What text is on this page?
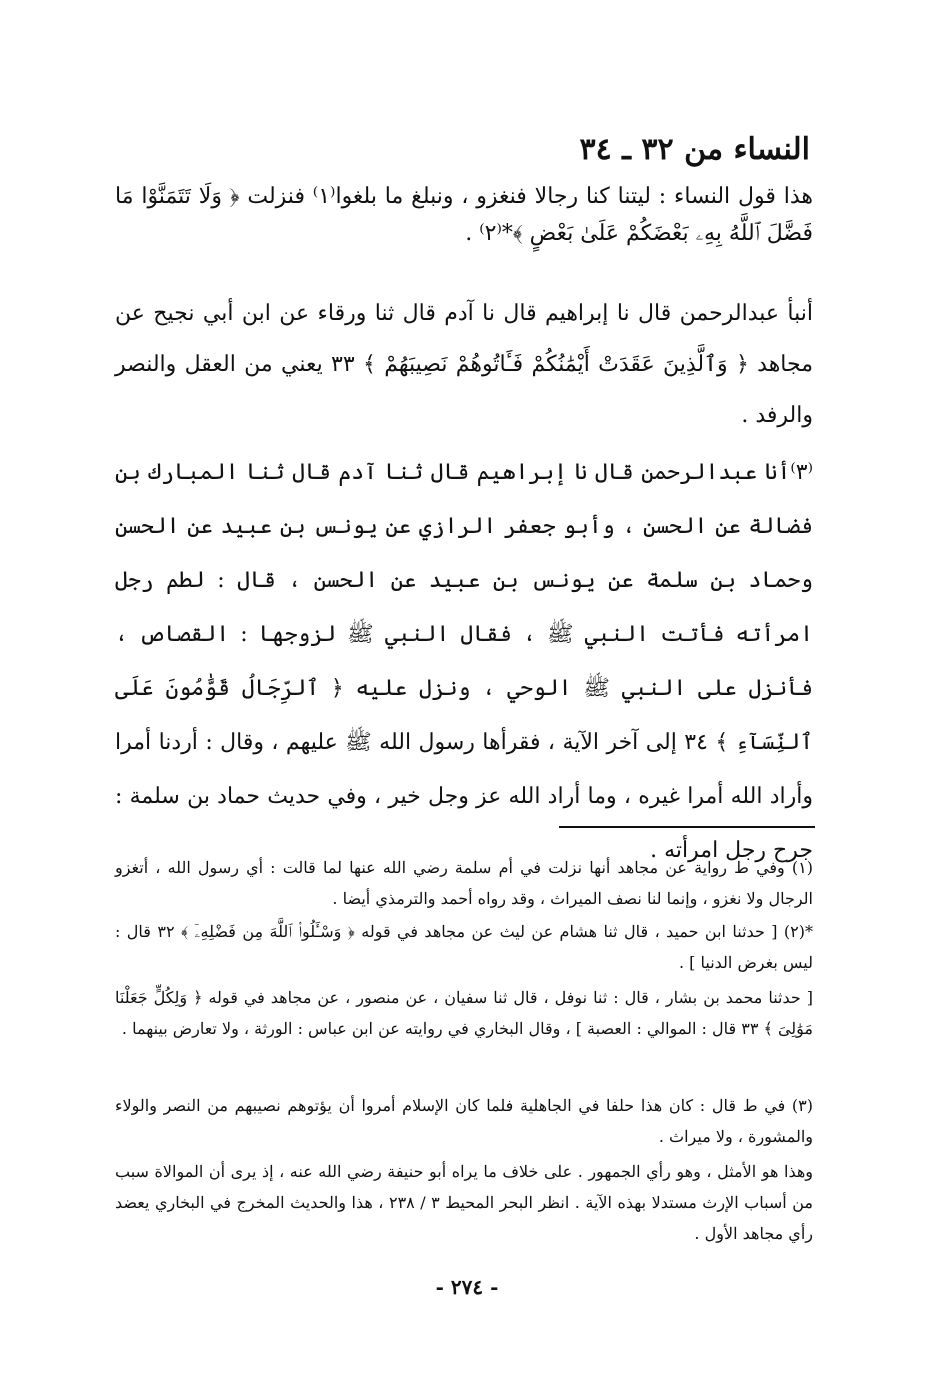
النساء من ٣٢ ـ ٣٤

هذا قول النساء : ليتنا كنا رجالا فنغزو ، ونبلغ ما بلغوا⁽١⁾ فنزلت ﴿ وَلَا تَتَمَنَّوْا مَا فَضَّلَ ٱللَّهُ بِهِۦ بَعْضَكُمْ عَلَىٰ بَعْضٍ ﴾*⁽٢⁾ .

أنبأ عبدالرحمن قال نا إبراهيم قال نا آدم قال ثنا ورقاء عن ابن أبي نجيح عن مجاهد ﴿ وَٱلَّذِينَ عَقَدَتْ أَيْمَٰنُكُمْ فَـَٔاتُوهُمْ نَصِيبَهُمْ ﴾ ٣٣ يعني من العقل والنصر والرفد .

⁽٣⁾أنا عبدالرحمن قال نا إبراهيم قال ثنا آدم قال ثنا المبارك بن فضالة عن الحسن ، وأبو جعفر الرازي عن يونس بن عبيد عن الحسن وحماد بن سلمة عن يونس بن عبيد عن الحسن ، قال : لطم رجل امرأته فأتت النبي ﷺ ، فقال النبي ﷺ لزوجها : القصاص ، فأنزل على النبي ﷺ الوحي ، ونزل عليه ﴿ ٱلرِّجَالُ قَوَّٰمُونَ عَلَى ٱلنِّسَآءِ ﴾ ٣٤ إلى آخر الآية ، فقرأها رسول الله ﷺ عليهم ، وقال : أردنا أمرا وأراد الله أمرا غيره ، وما أراد الله عز وجل خير ، وفي حديث حماد بن سلمة : جرح رجل امرأته .

(١) وفي ط رواية عن مجاهد أنها نزلت في أم سلمة رضي الله عنها لما قالت : أي رسول الله ، أتغزو الرجال ولا نغزو ، وإنما لنا نصف الميراث ، وقد رواه أحمد والترمذي أيضا .

*(٢) [ حدثنا ابن حميد ، قال ثنا هشام عن ليث عن مجاهد في قوله ﴿ وَسْـَٔلُوا۟ ٱللَّهَ مِن فَضْلِهِۦٓ ﴾ ٣٢ قال : ليس بغرض الدنيا ] .

[ حدثنا محمد بن بشار ، قال : ثنا نوفل ، قال ثنا سفيان ، عن منصور ، عن مجاهد في قوله ﴿ وَلِكُلٍّ جَعَلْنَا مَوَٰلِىَ ﴾ ٣٣ قال : الموالي : العصبة ] ، وقال البخاري في روايته عن ابن عباس : الورثة ، ولا تعارض بينهما .

(٣) في ط قال : كان هذا حلفا في الجاهلية فلما كان الإسلام أمروا أن يؤتوهم نصيبهم من النصر والولاء والمشورة ، ولا ميراث .

وهذا هو الأمثل ، وهو رأي الجمهور . على خلاف ما يراه أبو حنيفة رضي الله عنه ، إذ يرى أن الموالاة سبب من أسباب الإرث مستدلا بهذه الآية . انظر البحر المحيط ٣ / ٢٣٨ ، هذا والحديث المخرج في البخاري يعضد رأي مجاهد الأول .

- ٢٧٤ -
